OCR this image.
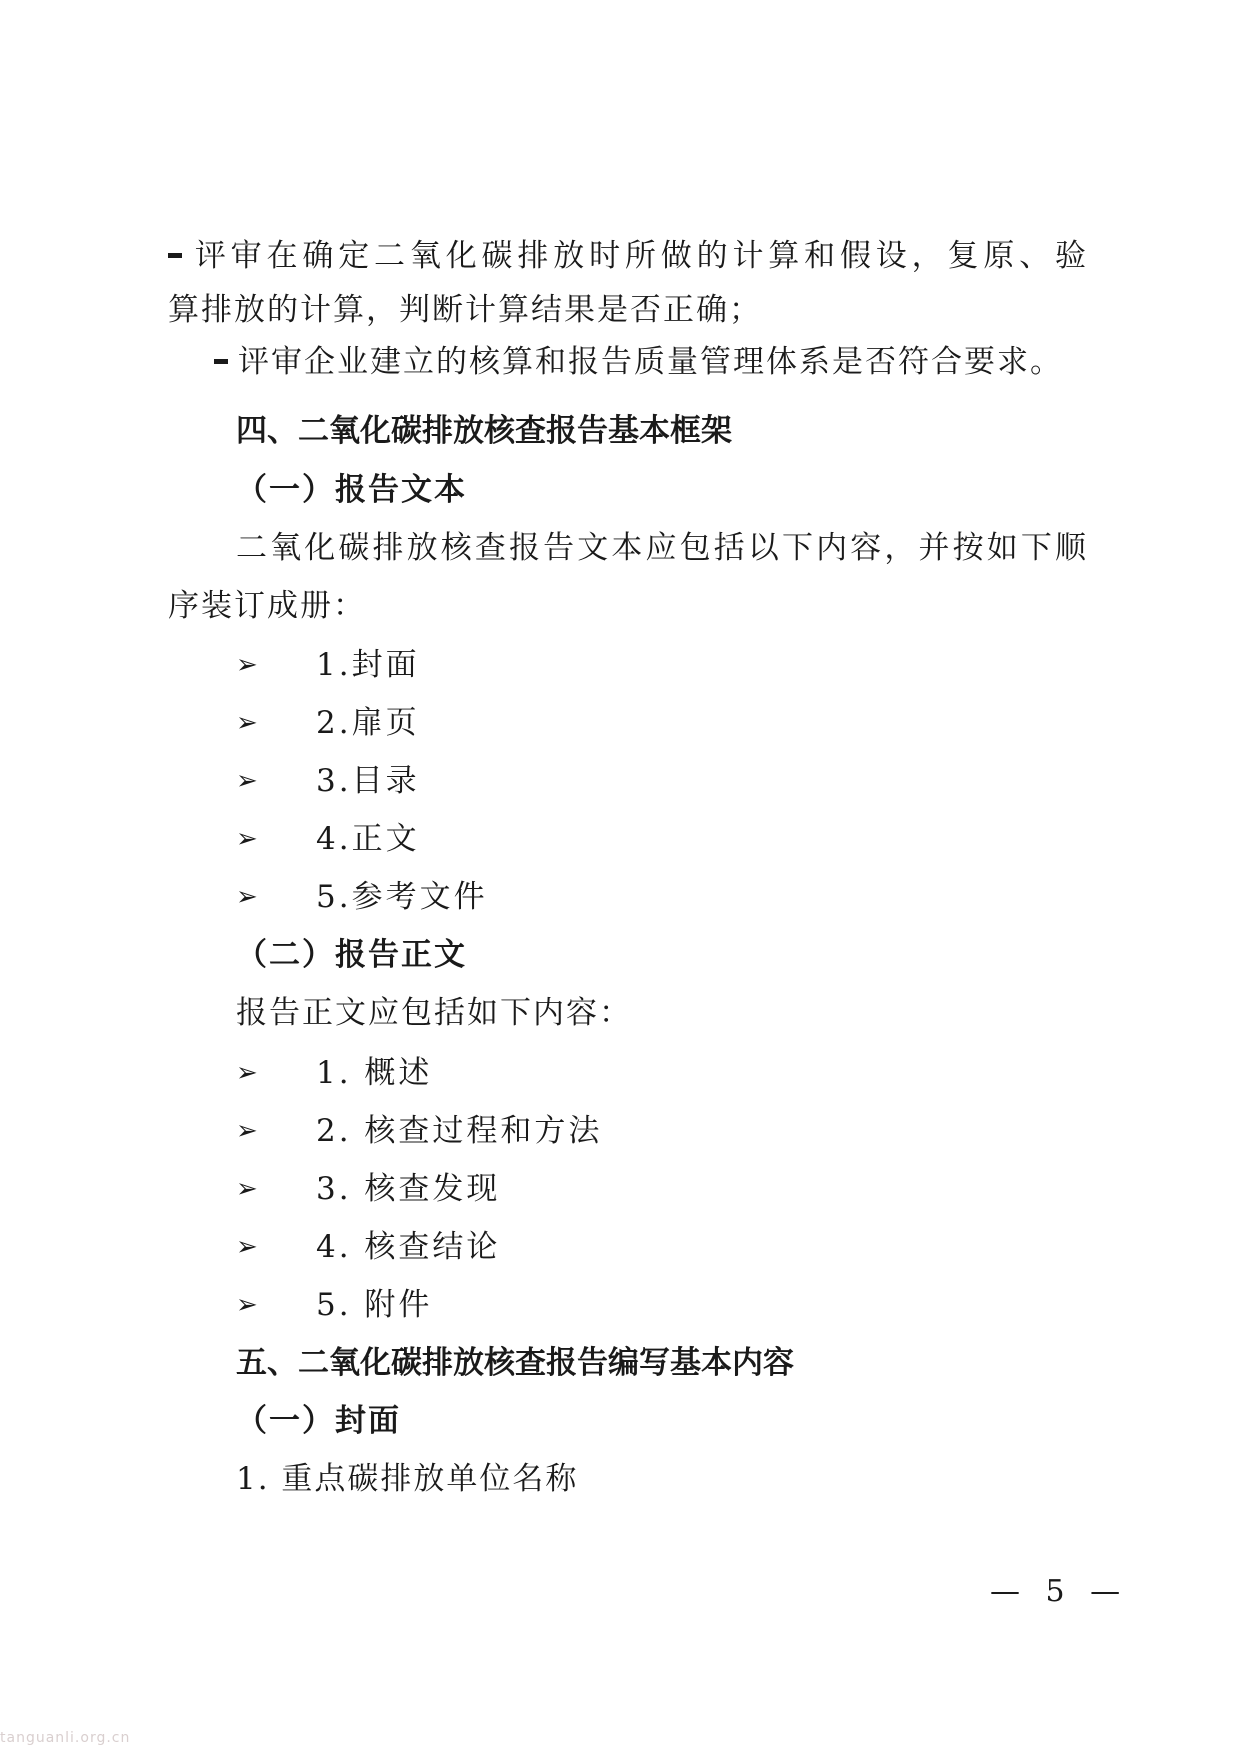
评审在确定二氧化碳排放时所做的计算和假设，复原、验
算排放的计算，判断计算结果是否正确；
评审企业建立的核算和报告质量管理体系是否符合要求。
四、二氧化碳排放核查报告基本框架
（一）报告文本
二氧化碳排放核查报告文本应包括以下内容，并按如下顺
序装订成册：
➢ 1.封面
➢ 2.扉页
➢ 3.目录
➢ 4.正文
➢ 5.参考文件
（二）报告正文
报告正文应包括如下内容：
➢ 1. 概述
➢ 2. 核查过程和方法
➢ 3. 核查发现
➢ 4. 核查结论
➢ 5. 附件
五、二氧化碳排放核查报告编写基本内容
（一）封面
1. 重点碳排放单位名称
— 5 —
tanguanli.org.cn
